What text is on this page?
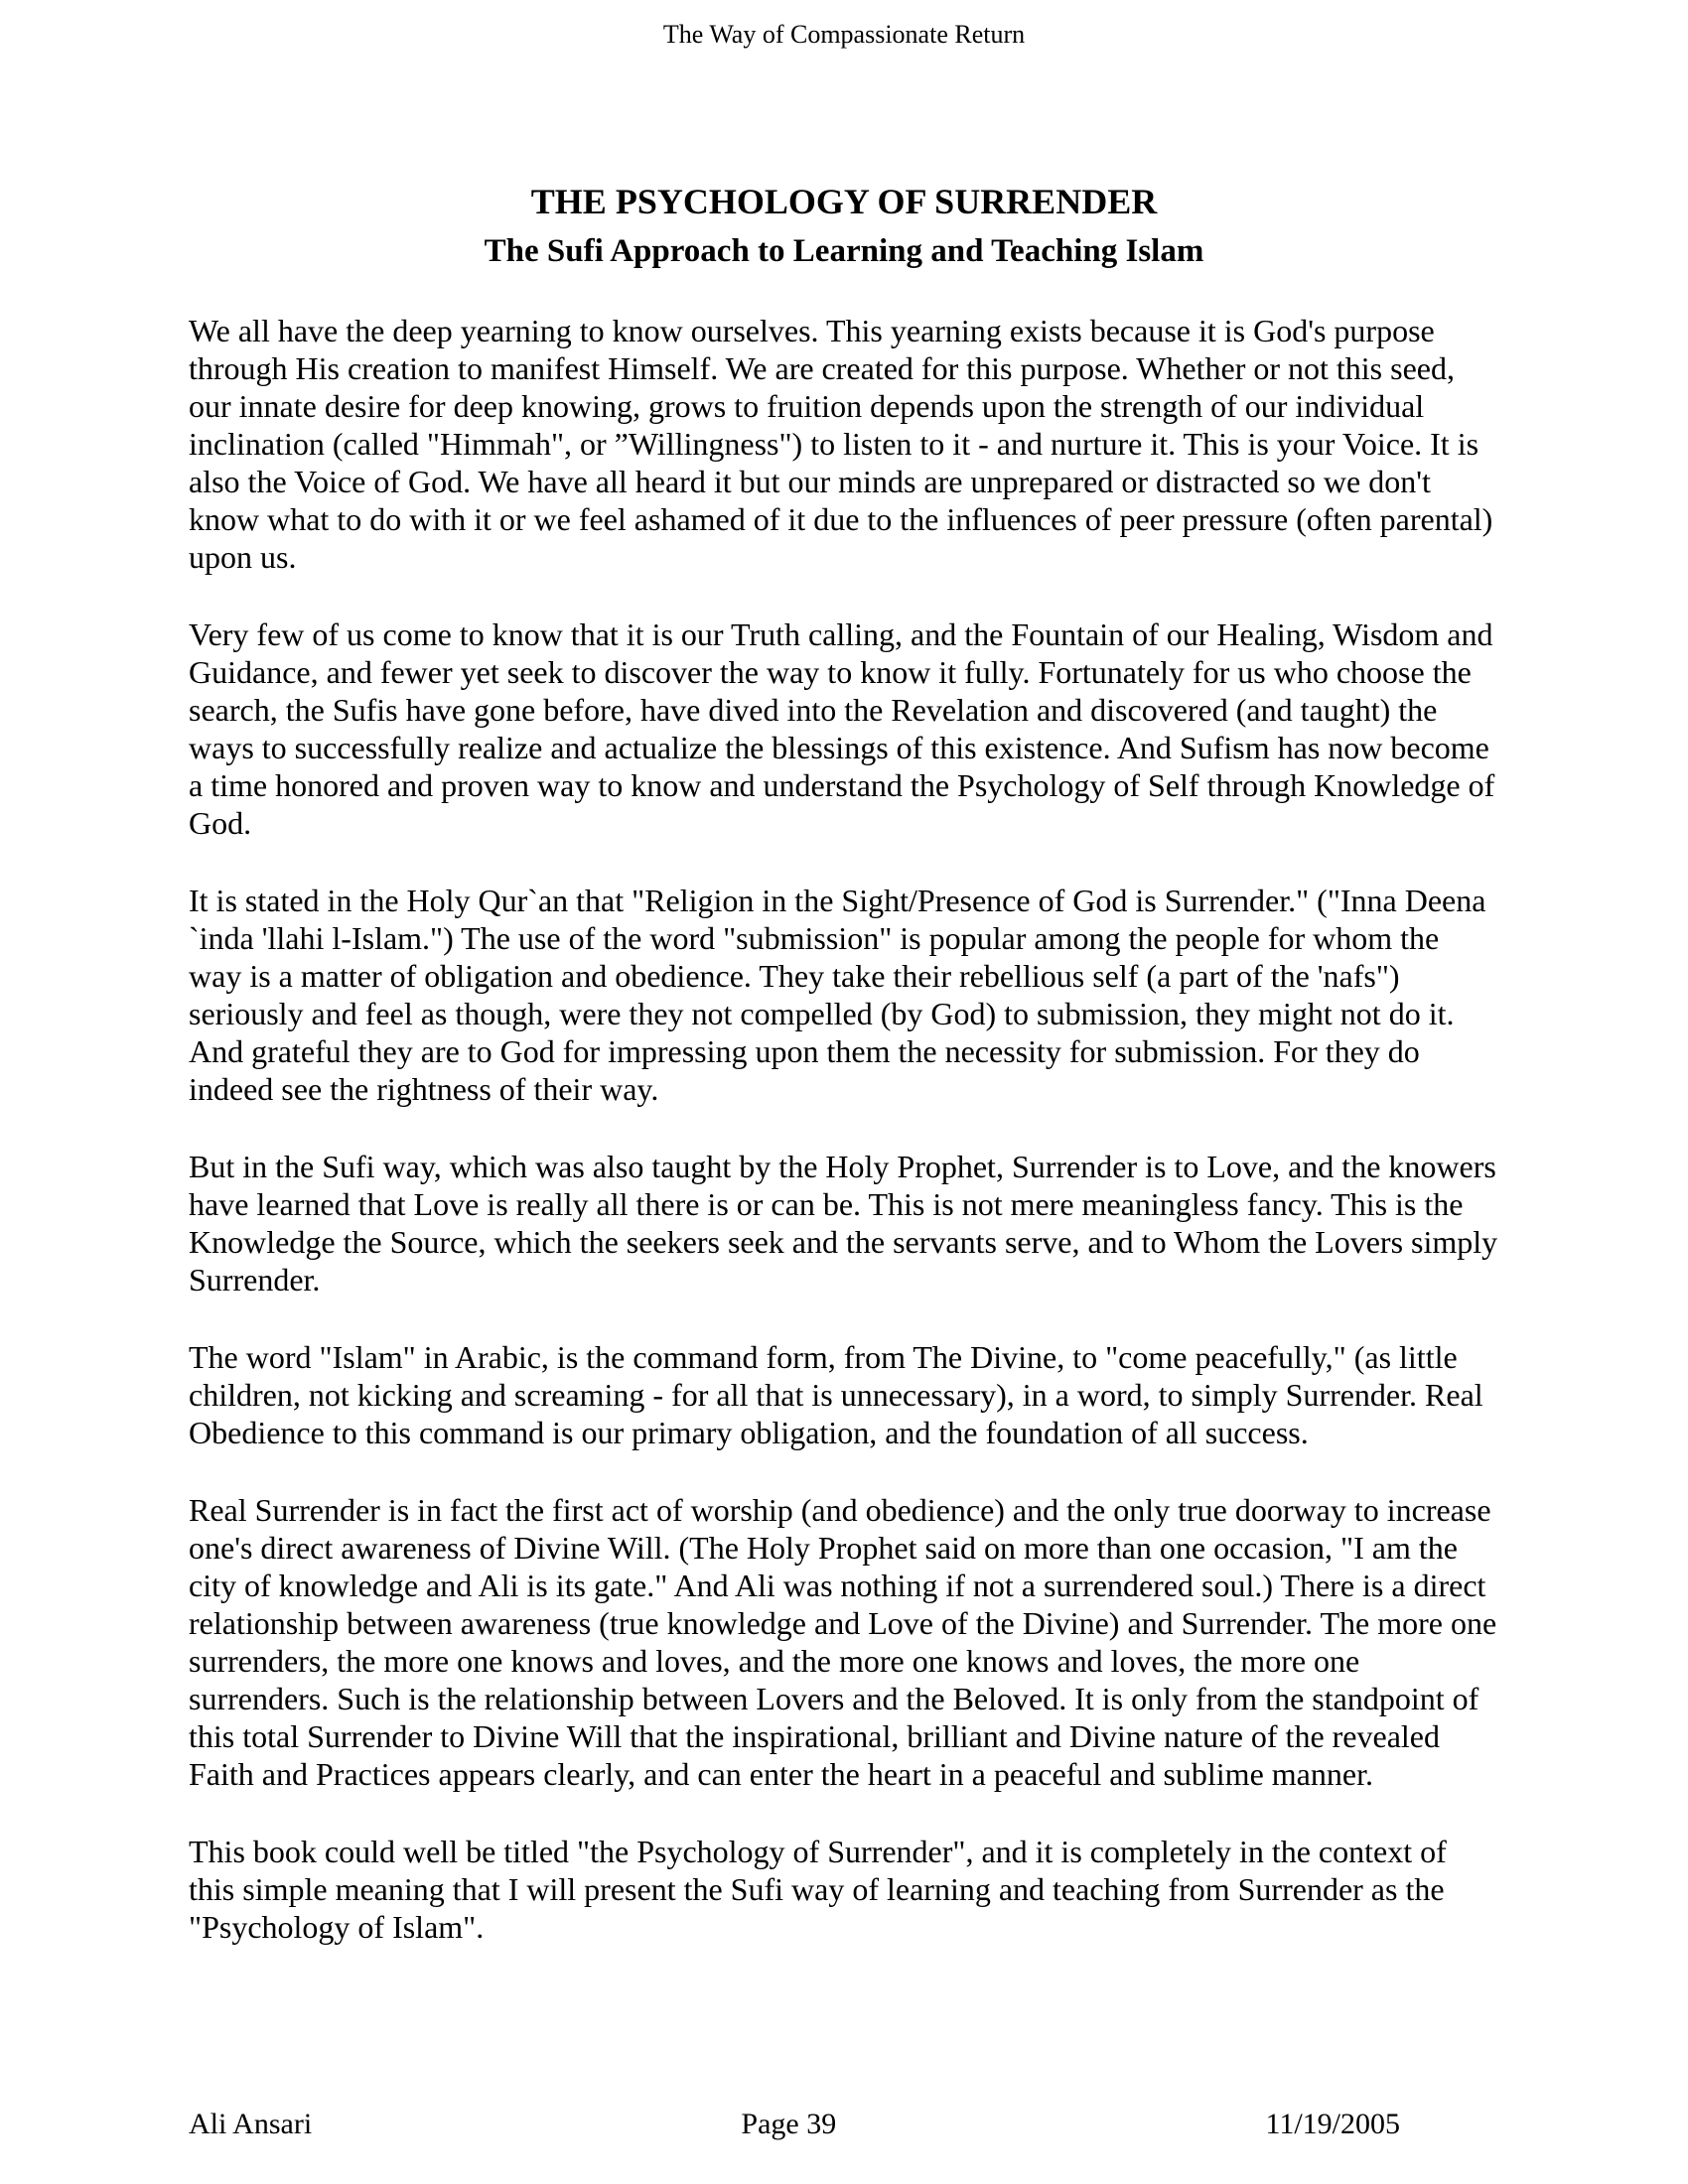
The Way of Compassionate Return
THE PSYCHOLOGY OF SURRENDER
The Sufi Approach to Learning and Teaching Islam

We all have the deep yearning to know ourselves. This yearning exists because it is God's purpose through His creation to manifest Himself. We are created for this purpose. Whether or not this seed, our innate desire for deep knowing, grows to fruition depends upon the strength of our individual inclination (called "Himmah", or ”Willingness") to listen to it - and nurture it. This is your Voice. It is also the Voice of God. We have all heard it but our minds are unprepared or distracted so we don't know what to do with it or we feel ashamed of it due to the influences of peer pressure (often parental) upon us.

Very few of us come to know that it is our Truth calling, and the Fountain of our Healing, Wisdom and Guidance, and fewer yet seek to discover the way to know it fully. Fortunately for us who choose the search, the Sufis have gone before, have dived into the Revelation and discovered (and taught) the ways to successfully realize and actualize the blessings of this existence. And Sufism has now become a time honored and proven way to know and understand the Psychology of Self through Knowledge of God.

It is stated in the Holy Qur`an that "Religion in the Sight/Presence of God is Surrender." ("Inna Deena `inda 'llahi l-Islam.") The use of the word "submission" is popular among the people for whom the way is a matter of obligation and obedience. They take their rebellious self (a part of the 'nafs") seriously and feel as though, were they not compelled (by God) to submission, they might not do it. And grateful they are to God for impressing upon them the necessity for submission. For they do indeed see the rightness of their way.

But in the Sufi way, which was also taught by the Holy Prophet, Surrender is to Love, and the knowers have learned that Love is really all there is or can be. This is not mere meaningless fancy. This is the Knowledge the Source, which the seekers seek and the servants serve, and to Whom the Lovers simply Surrender.

The word "Islam" in Arabic, is the command form, from The Divine, to "come peacefully," (as little children, not kicking and screaming - for all that is unnecessary), in a word, to simply Surrender. Real Obedience to this command is our primary obligation, and the foundation of all success.

Real Surrender is in fact the first act of worship (and obedience) and the only true doorway to increase one's direct awareness of Divine Will. (The Holy Prophet said on more than one occasion, "I am the city of knowledge and Ali is its gate." And Ali was nothing if not a surrendered soul.) There is a direct relationship between awareness (true knowledge and Love of the Divine) and Surrender. The more one surrenders, the more one knows and loves, and the more one knows and loves, the more one surrenders. Such is the relationship between Lovers and the Beloved. It is only from the standpoint of this total Surrender to Divine Will that the inspirational, brilliant and Divine nature of the revealed Faith and Practices appears clearly, and can enter the heart in a peaceful and sublime manner.

This book could well be titled "the Psychology of Surrender", and it is completely in the context of this simple meaning that I will present the Sufi way of learning and teaching from Surrender as the "Psychology of Islam".

Ali Ansari	Page 39	11/19/2005
